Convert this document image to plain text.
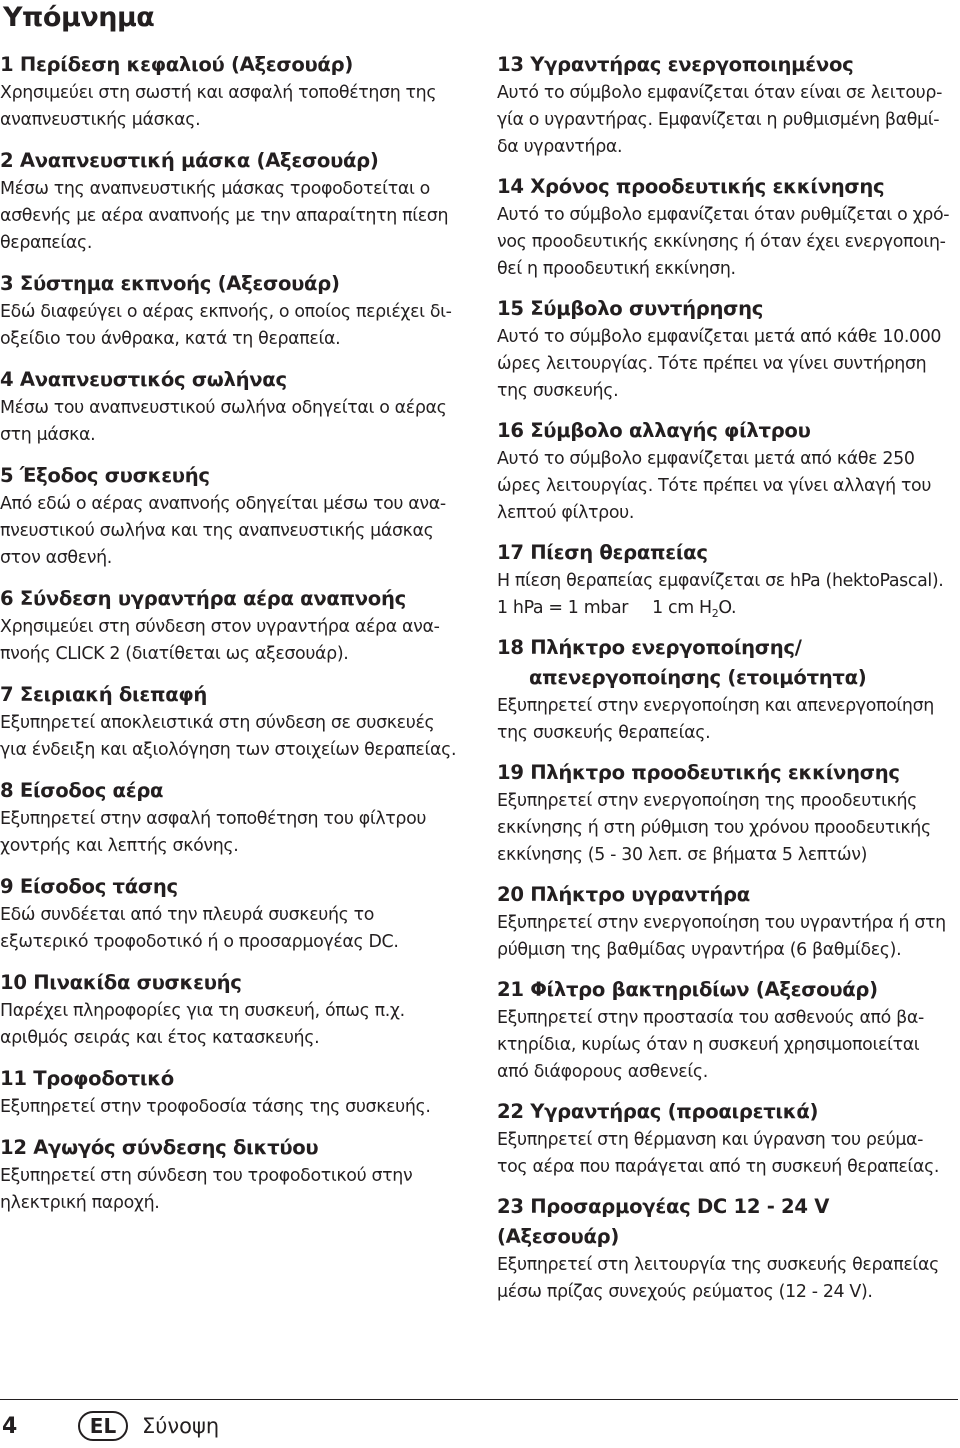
Υπόμνημα
1 Περίδεση κεφαλιού (Αξεσουάρ)
Χρησιμεύει στη σωστή και ασφαλή τοποθέτηση της
αναπνευστικής μάσκας.
2 Αναπνευστική μάσκα (Αξεσουάρ)
Μέσω της αναπνευστικής μάσκας τροφοδοτείται ο
ασθενής με αέρα αναπνοής με την απαραίτητη πίεση
θεραπείας.
3 Σύστημα εκπνοής (Αξεσουάρ)
Εδώ διαφεύγει ο αέρας εκπνοής, ο οποίος περιέχει δι-
οξείδιο του άνθρακα, κατά τη θεραπεία.
4 Αναπνευστικός σωλήνας
Μέσω του αναπνευστικού σωλήνα οδηγείται ο αέρας
στη μάσκα.
5 Έξοδος συσκευής
Από εδώ ο αέρας αναπνοής οδηγείται μέσω του ανα-
πνευστικού σωλήνα και της αναπνευστικής μάσκας
στον ασθενή.
6 Σύνδεση υγραντήρα αέρα αναπνοής
Χρησιμεύει στη σύνδεση στον υγραντήρα αέρα ανα-
πνοής CLICK 2 (διατίθεται ως αξεσουάρ).
7 Σειριακή διεπαφή
Εξυπηρετεί αποκλειστικά στη σύνδεση σε συσκευές
για ένδειξη και αξιολόγηση των στοιχείων θεραπείας.
8 Είσοδος αέρα
Εξυπηρετεί στην ασφαλή τοποθέτηση του φίλτρου
χοντρής και λεπτής σκόνης.
9 Είσοδος τάσης
Εδώ συνδέεται από την πλευρά συσκευής το
εξωτερικό τροφοδοτικό ή ο προσαρμογέας DC.
10 Πινακίδα συσκευής
Παρέχει πληροφορίες για τη συσκευή, όπως π.χ.
αριθμός σειράς και έτος κατασκευής.
11 Τροφοδοτικό
Εξυπηρετεί στην τροφοδοσία τάσης της συσκευής.
12 Αγωγός σύνδεσης δικτύου
Εξυπηρετεί στη σύνδεση του τροφοδοτικού στην
ηλεκτρική παροχή.
13 Υγραντήρας ενεργοποιημένος
Αυτό το σύμβολο εμφανίζεται όταν είναι σε λειτουρ-
γία ο υγραντήρας. Εμφανίζεται η ρυθμισμένη βαθμί-
δα υγραντήρα.
14 Χρόνος προοδευτικής εκκίνησης
Αυτό το σύμβολο εμφανίζεται όταν ρυθμίζεται ο χρό-
νος προοδευτικής εκκίνησης ή όταν έχει ενεργοποιη-
θεί η προοδευτική εκκίνηση.
15 Σύμβολο συντήρησης
Αυτό το σύμβολο εμφανίζεται μετά από κάθε 10.000
ώρες λειτουργίας. Τότε πρέπει να γίνει συντήρηση
της συσκευής.
16 Σύμβολο αλλαγής φίλτρου
Αυτό το σύμβολο εμφανίζεται μετά από κάθε 250
ώρες λειτουργίας. Τότε πρέπει να γίνει αλλαγή του
λεπτού φίλτρου.
17 Πίεση θεραπείας
Η πίεση θεραπείας εμφανίζεται σε hPa (hektoPascal).
1 hPa = 1 mbar 1 cm $H_2O$.
18 Πλήκτρο ενεργοποίησης/
απενεργοποίησης (ετοιμότητα)
Εξυπηρετεί στην ενεργοποίηση και απενεργοποίηση
της συσκευής θεραπείας.
19 Πλήκτρο προοδευτικής εκκίνησης
Εξυπηρετεί στην ενεργοποίηση της προοδευτικής
εκκίνησης ή στη ρύθμιση του χρόνου προοδευτικής
εκκίνησης (5 - 30 λεπ. σε βήματα 5 λεπτών)
20 Πλήκτρο υγραντήρα
Εξυπηρετεί στην ενεργοποίηση του υγραντήρα ή στη
ρύθμιση της βαθμίδας υγραντήρα (6 βαθμίδες).
21 Φίλτρο βακτηριδίων (Αξεσουάρ)
Εξυπηρετεί στην προστασία του ασθενούς από βα-
κτηρίδια, κυρίως όταν η συσκευή χρησιμοποιείται
από διάφορους ασθενείς.
22 Υγραντήρας (προαιρετικά)
Εξυπηρετεί στη θέρμανση και ύγρανση του ρεύμα-
τος αέρα που παράγεται από τη συσκευή θεραπείας.
23 Προσαρμογέας DC 12 - 24 V (Αξεσουάρ)
Εξυπηρετεί στη λειτουργία της συσκευής θεραπείας
μέσω πρίζας συνεχούς ρεύματος (12 - 24 V).
4	EL	Σύνοψη
